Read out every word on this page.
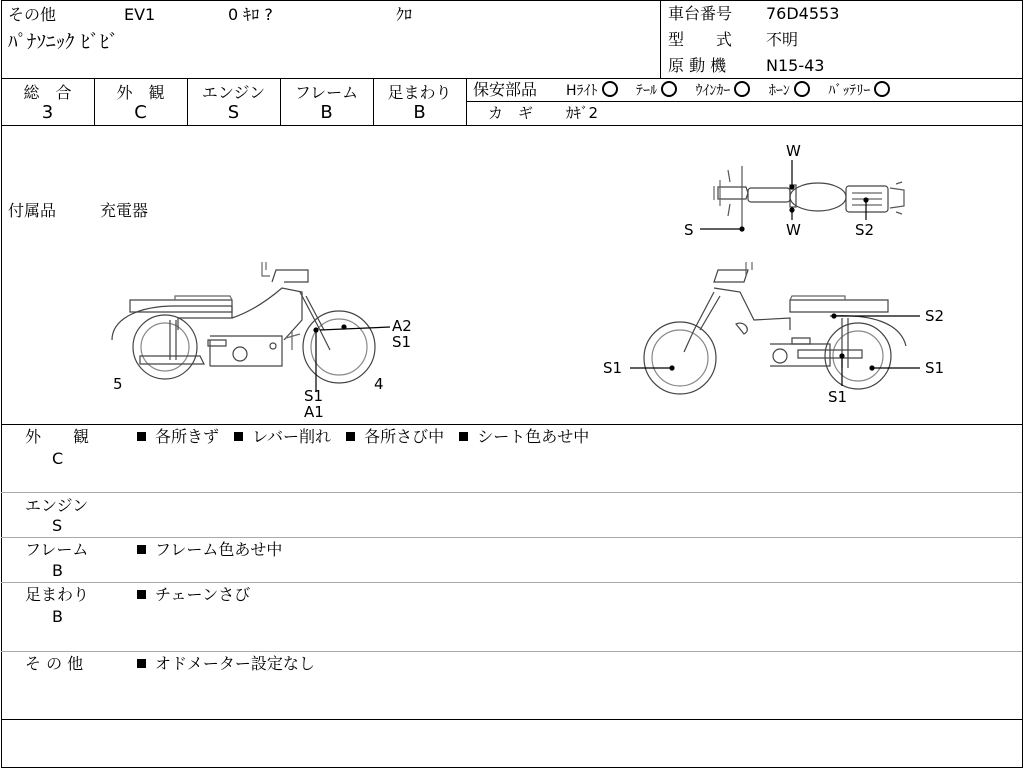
その他	EV1	0 ｷﾛ ?	ｸﾛ
ﾊﾟﾅｿﾆｯｸ ﾋﾞﾋﾞ
車台番号 76D4553
型　　式 不明
原 動 機 N15-43
総　合
3
外　観
C
エンジン
S
フレーム
B
足まわり
B
保安部品 Hﾗｲﾄ	ﾃｰﾙ	ｳｲﾝｶｰ	ﾎｰﾝ	ﾊﾞｯﾃﾘｰ
カ　ギ ｶｷﾞ2
付属品	充電器
W
W
S	S2
A2
S1
S1
A1
5	4
S2
S1	S1
S1
外　　観
C
各所きず レバー削れ 各所さび中 シート色あせ中
エンジン
S
フレーム
B
フレーム色あせ中
足まわり
B
チェーンさび
そ の 他	オドメーター設定なし
